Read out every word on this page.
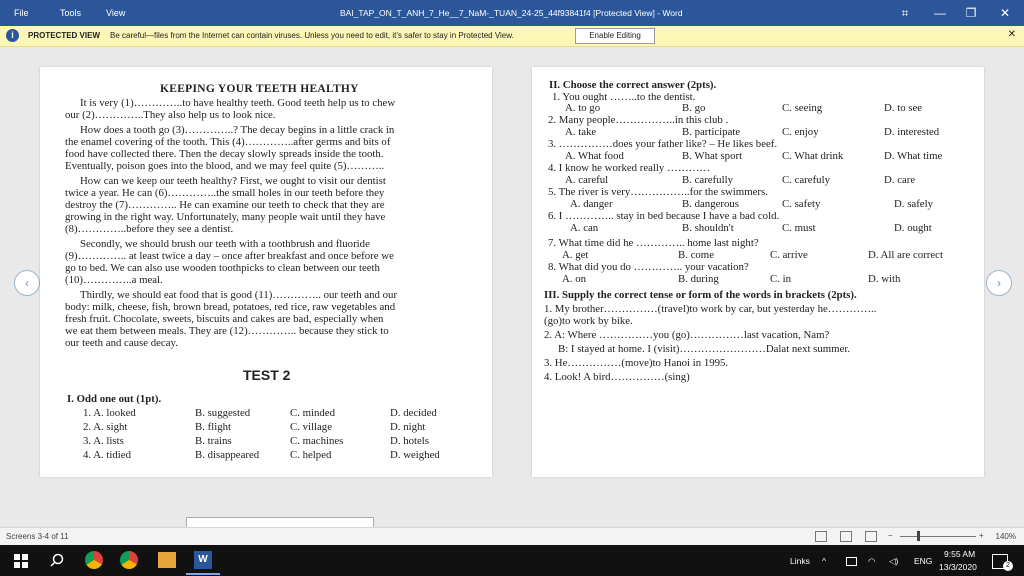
File	Tools	View	BAI_TAP_ON_T_ANH_7_He__7_NaM-_TUAN_24-25_44f93841f4 [Protected View] - Word	⌗	—	❐	✕
i	PROTECTED VIEW Be careful—files from the Internet can contain viruses. Unless you need to edit, it's safer to stay in Protected View.	Enable Editing	✕
‹	›
KEEPING YOUR TEETH HEALTHY
It is very (1)…………..to have healthy teeth. Good teeth help us to chew
our (2)…………..They also help us to look nice.
How does a tooth go (3)…………..? The decay begins in a little crack in
the enamel covering of the tooth. This (4)…………..after germs and bits of
food have collected there. Then the decay slowly spreads inside the tooth.
Eventually, poison goes into the blood, and we may feel quite (5)………..
How can we keep our teeth healthy? First, we ought to visit our dentist
twice a year. He can (6)…………..the small holes in our teeth before they
destroy the (7)………….. He can examine our teeth to check that they are
growing in the right way. Unfortunately, many people wait until they have
(8)…………..before they see a dentist.
Secondly, we should brush our teeth with a toothbrush and fluoride
(9)………….. at least twice a day – once after breakfast and once before we
go to bed. We can also use wooden toothpicks to clean between our teeth
(10)…………..a meal.
Thirdly, we should eat food that is good (11)………….. our teeth and our
body: milk, cheese, fish, brown bread, potatoes, red rice, raw vegetables and
fresh fruit. Chocolate, sweets, biscuits and cakes are bad, especially when
we eat them between meals. They are (12)………….. because they stick to
our teeth and cause decay.
TEST 2
I. Odd one out (1pt).
1. A. looked	B. suggested	C. minded	D. decided
2. A. sight	B. flight	C. village	D. night
3. A. lists	B. trains	C. machines	D. hotels
4. A. tidied	B. disappeared	C. helped	D. weighed
II. Choose the correct answer (2pts).
1. You ought ……..to the dentist.
A. to go	B. go	C. seeing	D. to see
2. Many people……………..in this club .
A. take	B. participate	C. enjoy	D. interested
3. ……………does your father like? – He likes beef.
A. What food	B. What sport	C. What drink	D. What time
4. I know he worked really …………
A. careful	B. carefully	C. carefuly	D. care
5. The river is very……………..for the swimmers.
A. danger	B. dangerous	C. safety	D. safely
6. I ………….. stay in bed because I have a bad cold.
A. can	B. shouldn't	C. must	D. ought
7. What time did he ………….. home last night?
A. get	B. come	C. arrive	D. All are correct
8. What did you do ………….. your vacation?
A. on	B. during	C. in	D. with
III. Supply the correct tense or form of the words in brackets (2pts).
1. My brother……………(travel)to work by car, but yesterday he…………..
(go)to work by bike.
2. A: Where ……………you (go)……………last vacation, Nam?
B: I stayed at home. I (visit)……………………Dalat next summer.
3. He……………(move)to Hanoi in 1995.
4. Look! A bird……………(sing)
Screens 3-4 of 11	−	+ 140%
W	Links ^	◠ ◁) ENG
9:55 AM
13/3/2020	2
